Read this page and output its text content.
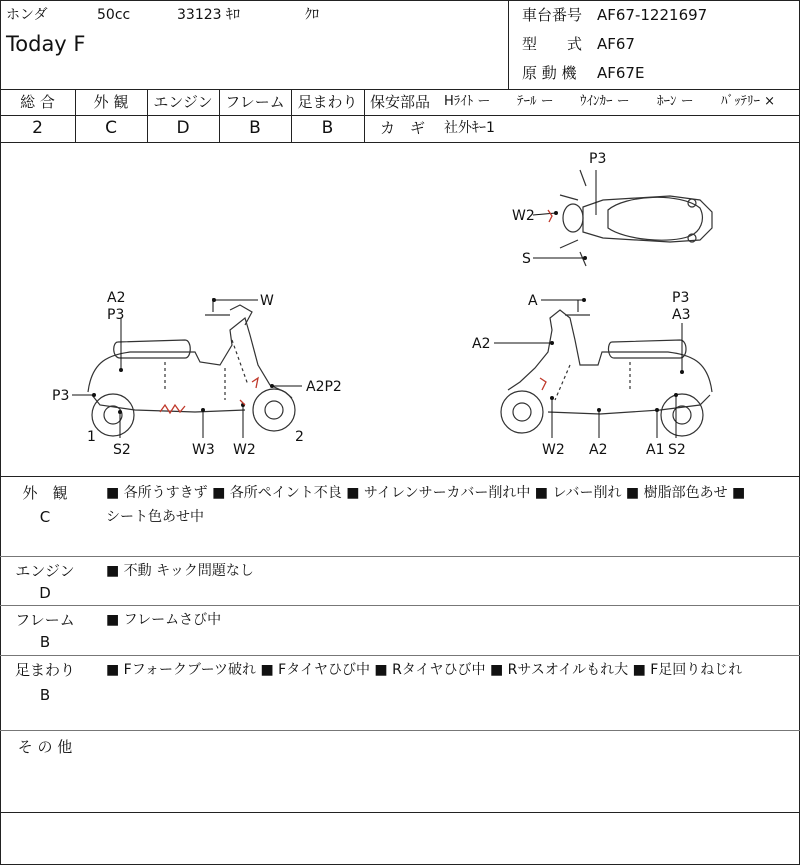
ホンダ	50cc	33123 ｷﾛ	ｸﾛ
Today F
車台番号 AF67-1221697
型　　式 AF67
原 動 機 AF67E
総 合	外 観	エンジン フレーム 足まわり
2	C	D	B	B
保安部品 Hﾗｲﾄ ー ﾃｰﾙ ー ｳｲﾝｶｰ ー ﾎｰﾝ ー ﾊﾞｯﾃﾘｰ ×
カ　ギ 社外ｷｰ1
P3
W2
S
A2
P3
W
P3
A2P2
1	2
S2	W3 W2
A
A2
P3
A3
W2 A2	A1 S2
外　観
C
■ 各所うすきず ■ 各所ペイント不良 ■ サイレンサーカバー削れ中 ■ レバー削れ ■ 樹脂部色あせ ■
シート色あせ中
エンジン
D
■ 不動 キック問題なし
フレーム
B
■ フレームさび中
足まわり
B
■ Fフォークブーツ破れ ■ Fタイヤひび中 ■ Rタイヤひび中 ■ Rサスオイルもれ大 ■ F足回りねじれ
そ の 他
